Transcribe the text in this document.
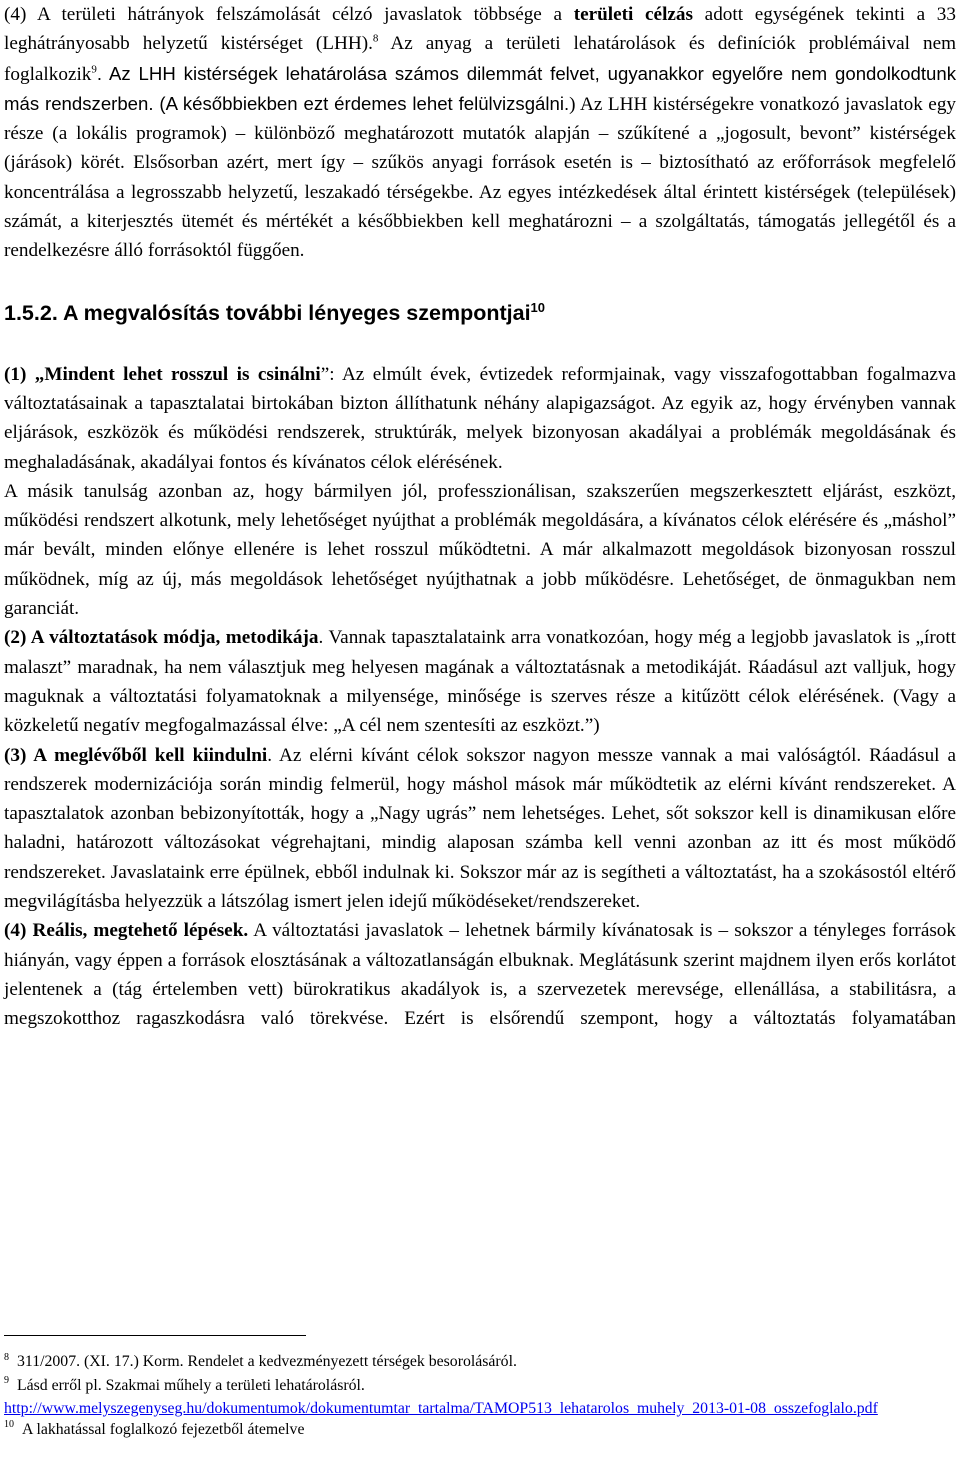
(4) A területi hátrányok felszámolását célzó javaslatok többsége a területi célzás adott egységének tekinti a 33 leghátrányosabb helyzetű kistérséget (LHH).$^8$ Az anyag a területi lehatárolások és definíciók problémáival nem foglalkozik$^9$. Az LHH kistérségek lehatárolása számos dilemmát felvet, ugyanakkor egyelőre nem gondolkodtunk más rendszerben. (A későbbiekben ezt érdemes lehet felülvizsgálni.) Az LHH kistérségekre vonatkozó javaslatok egy része (a lokális programok) – különböző meghatározott mutatók alapján – szűkítené a „jogosult, bevont” kistérségek (járások) körét. Elsősorban azért, mert így – szűkös anyagi források esetén is – biztosítható az erőforrások megfelelő koncentrálása a legrosszabb helyzetű, leszakadó térségekbe. Az egyes intézkedések által érintett kistérségek (települések) számát, a kiterjesztés ütemét és mértékét a későbbiekben kell meghatározni – a szolgáltatás, támogatás jellegétől és a rendelkezésre álló forrásoktól függően.

1.5.2. A megvalósítás további lényeges szempontjai$^{10}$

(1) „Mindent lehet rosszul is csinálni”: Az elmúlt évek, évtizedek reformjainak, vagy visszafogottabban fogalmazva változtatásainak a tapasztalatai birtokában bizton állíthatunk néhány alapigazságot. Az egyik az, hogy érvényben vannak eljárások, eszközök és működési rendszerek, struktúrák, melyek bizonyosan akadályai a problémák megoldásának és meghaladásának, akadályai fontos és kívánatos célok elérésének.

A másik tanulság azonban az, hogy bármilyen jól, professzionálisan, szakszerűen megszerkesztett eljárást, eszközt, működési rendszert alkotunk, mely lehetőséget nyújthat a problémák megoldására, a kívánatos célok elérésére és „máshol” már bevált, minden előnye ellenére is lehet rosszul működtetni. A már alkalmazott megoldások bizonyosan rosszul működnek, míg az új, más megoldások lehetőséget nyújthatnak a jobb működésre. Lehetőséget, de önmagukban nem garanciát.

(2) A változtatások módja, metodikája. Vannak tapasztalataink arra vonatkozóan, hogy még a legjobb javaslatok is „írott malaszt” maradnak, ha nem választjuk meg helyesen magának a változtatásnak a metodikáját. Ráadásul azt valljuk, hogy maguknak a változtatási folyamatoknak a milyensége, minősége is szerves része a kitűzött célok elérésének. (Vagy a közkeletű negatív megfogalmazással élve: „A cél nem szentesíti az eszközt.”)

(3) A meglévőből kell kiindulni. Az elérni kívánt célok sokszor nagyon messze vannak a mai valóságtól. Ráadásul a rendszerek modernizációja során mindig felmerül, hogy máshol mások már működtetik az elérni kívánt rendszereket. A tapasztalatok azonban bebizonyították, hogy a „Nagy ugrás” nem lehetséges. Lehet, sőt sokszor kell is dinamikusan előre haladni, határozott változásokat végrehajtani, mindig alaposan számba kell venni azonban az itt és most működő rendszereket. Javaslataink erre épülnek, ebből indulnak ki. Sokszor már az is segítheti a változtatást, ha a szokásostól eltérő megvilágításba helyezzük a látszólag ismert jelen idejű működéseket/rendszereket.

(4) Reális, megtehető lépések. A változtatási javaslatok – lehetnek bármily kívánatosak is – sokszor a tényleges források hiányán, vagy éppen a források elosztásának a változatlanságán elbuknak. Meglátásunk szerint majdnem ilyen erős korlátot jelentenek a (tág értelemben vett) bürokratikus akadályok is, a szervezetek merevsége, ellenállása, a stabilitásra, a megszokotthoz ragaszkodásra való törekvése. Ezért is elsőrendű szempont, hogy a változtatás folyamatában

$^8$ 311/2007. (XI. 17.) Korm. Rendelet a kedvezményezett térségek besorolásáról.
$^9$ Lásd erről pl. Szakmai műhely a területi lehatárolásról.
http://www.melyszegenyseg.hu/dokumentumok/dokumentumtar_tartalma/TAMOP513_lehatarolos_muhely_2013-01-08_osszefoglalo.pdf
$^{10}$ A lakhatással foglalkozó fejezetből átemelve
